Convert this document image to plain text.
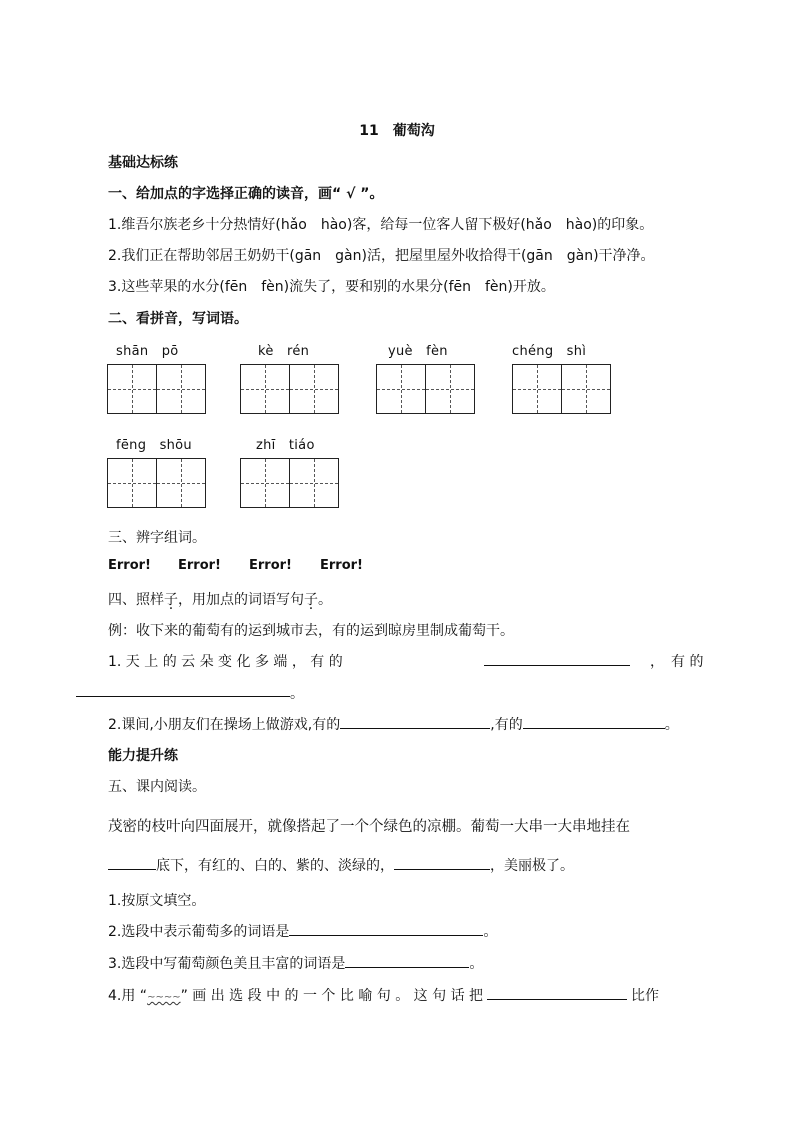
11　葡萄沟
基础达标练
一、给加点的字选择正确的读音，画“ √ ”。
1.维吾尔族老乡十分热情好(hǎo　hào)客，给每一位客人留下极好(hǎo　hào)的印象。
2.我们正在帮助邻居王奶奶干(gān　gàn)活，把屋里屋外收拾得干(gān　gàn)干净净。
3.这些苹果的水分(fēn　fèn)流失了，要和别的水果分(fēn　fèn)开放。
二、看拼音，写词语。
shān　pō	kè　rén	yuè　fèn	chéng　shì
fēng　shōu	zhī　tiáo
三、辨字组词。
Error! Error! Error! Error!
四、照样子，用加点的词语写句子。
例：收下来的葡萄有的运到城市去，有的运到晾房里制成葡萄干。
1. 天 上 的 云 朵 变 化 多 端 ， 有 的	，　有 的
。
2.课间,小朋友们在操场上做游戏,有的	,有的	。
能力提升练
五、课内阅读。
茂密的枝叶向四面展开，就像搭起了一个个绿色的凉棚。葡萄一大串一大串地挂在
底下，有红的、白的、紫的、淡绿的，	，美丽极了。
1.按原文填空。
2.选段中表示葡萄多的词语是	。
3.选段中写葡萄颜色美且丰富的词语是	。
4.用 “~~~~” 画 出 选 段 中 的 一 个 比 喻 句 。 这 句 话 把	比作
